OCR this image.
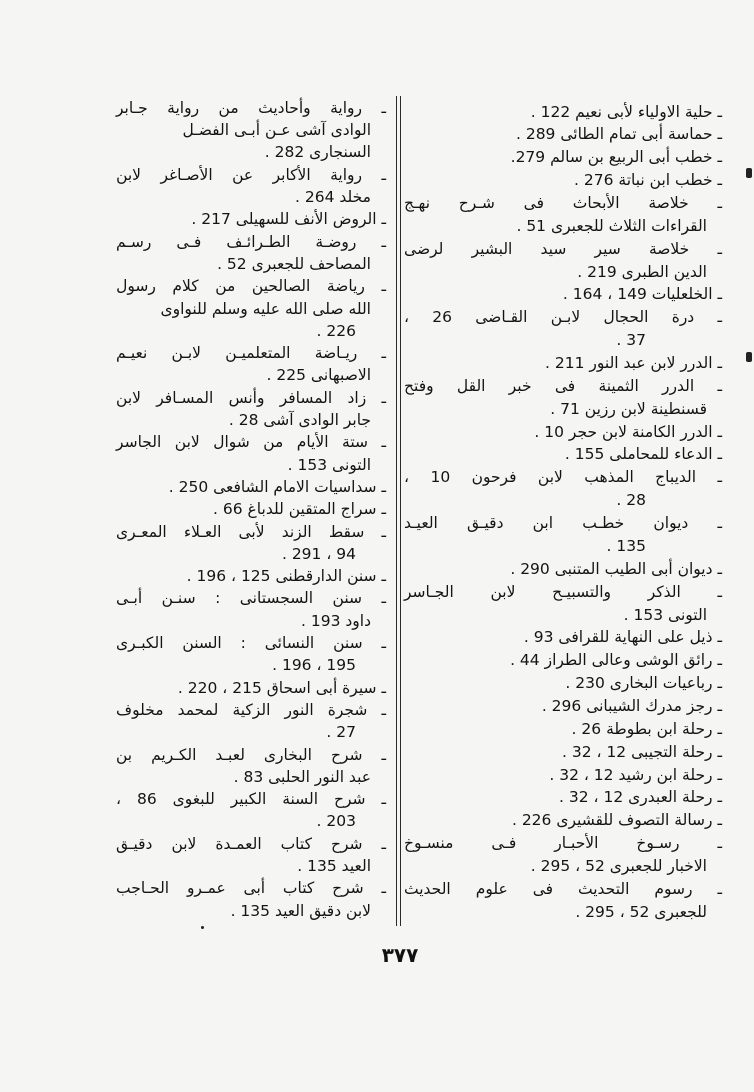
ـ حلية الاولياء لأبى نعيم 122 .
ـ حماسة أبى تمام الطائى 289 .
ـ خطب أبى الربيع بن سالم 279.
ـ خطب ابن نباتة 276 .
ـ
خلاصة
الأبحاث
فى
شـرح
نهـج
القراءات الثلاث للجعبرى 51 .
ـ
خلاصة
سير
سيد
البشير
لرضى
الدين الطبرى 219 .
ـ الخلعليات 149 ، 164 .
ـ
درة
الحجال
لابـن
القـاضى
26
،
37 .
ـ الدرر لابن عبد النور 211 .
ـ
الدرر
الثمينة
فى
خبر
القل
وفتح
قسنطينة لابن رزين 71 .
ـ الدرر الكامنة لابن حجر 10 .
ـ الدعاء للمحاملى 155 .
ـ
الديباج
المذهب
لابن
فرحون
10
،
28 .
ـ
ديوان
خطـب
ابن
دقيـق
العيـد
135 .
ـ ديوان أبى الطيب المتنبى 290 .
ـ
الذكر
والتسبيـح
لابن
الجـاسر
التونى 153 .
ـ ذيل على النهاية للقرافى 93 .
ـ رائق الوشى وعالى الطراز 44 .
ـ رباعيات البخارى 230 .
ـ رجز مدرك الشيبانى 296 .
ـ رحلة ابن بطوطة 26 .
ـ رحلة التجيبى 12 ، 32 .
ـ رحلة ابن رشيد 12 ، 32 .
ـ رحلة العبدرى 12 ، 32 .
ـ رسالة التصوف للقشيرى 226 .
ـ
رسـوخ
الأحبـار
فـى
منسـوخ
الاخبار للجعبرى 52 ، 295 .
ـ
رسوم
التحديث
فى
علوم
الحديث
للجعبرى 52 ، 295 .
ـ
رواية
وأحاديث
من
رواية
جـابر
الوادى آشى عـن أبـى الفضـل
السنجارى 282 .
ـ
رواية
الأكابر
عن
الأصـاغر
لابن
مخلد 264 .
ـ الروض الأنف للسهيلى 217 .
ـ
روضـة
الطـرائـف
فـى
رسـم
المصاحف للجعبرى 52 .
ـ
رياضة
الصالحين
من
كلام
رسول
الله صلى الله عليه وسلم للنواوى
226 .
ـ
ريـاضة
المتعلميـن
لابـن
نعيـم
الاصبهانى 225 .
ـ
زاد
المسافر
وأنس
المسـافر
لابن
جابر الوادى آشى 28 .
ـ
ستة
الأيام
من
شوال
لابن
الجاسر
التونى 153 .
ـ سداسيات الامام الشافعى 250 .
ـ سراج المتقين للدباغ 66 .
ـ
سقط
الزند
لأبى
العـلاء
المعـرى
94 ، 291 .
ـ سنن الدارقطنى 125 ، 196 .
ـ
سنن
السجستانى
:
سنـن
أبـى
داود 193 .
ـ
سنن
النسائى
:
السنن
الكبـرى
195 ، 196 .
ـ سيرة أبى اسحاق 215 ، 220 .
ـ
شجرة
النور
الزكية
لمحمد
مخلوف
27 .
ـ
شرح
البخارى
لعبـد
الكـريم
بن
عبد النور الحلبى 83 .
ـ
شرح
السنة
الكبير
للبغوى
86
،
203 .
ـ
شرح
كتاب
العمـدة
لابن
دقيـق
العيد 135 .
ـ
شرح
كتاب
أبى
عمـرو
الحـاجب
لابن دقيق العيد 135 .
٣٧٧
